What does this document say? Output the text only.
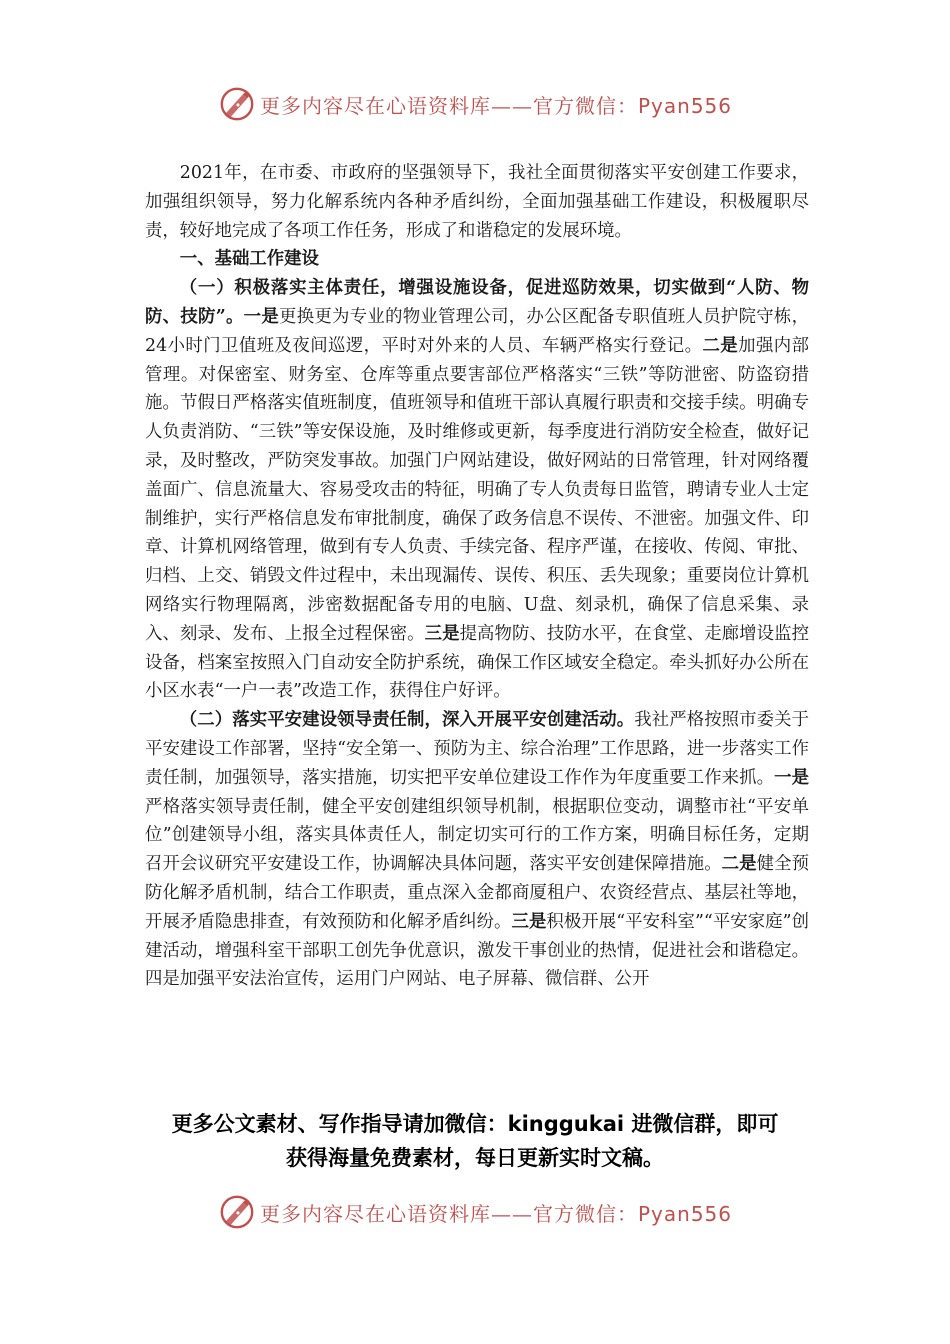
更多内容尽在心语资料库——官方微信：Pyan556

2021年，在市委、市政府的坚强领导下，我社全面贯彻落实平安创建工作要求，加强组织领导，努力化解系统内各种矛盾纠纷，全面加强基础工作建设，积极履职尽责，较好地完成了各项工作任务，形成了和谐稳定的发展环境。

一、基础工作建设

（一）积极落实主体责任，增强设施设备，促进巡防效果，切实做到“人防、物防、技防”。一是更换更为专业的物业管理公司，办公区配备专职值班人员护院守栋，24小时门卫值班及夜间巡逻，平时对外来的人员、车辆严格实行登记。二是加强内部管理。对保密室、财务室、仓库等重点要害部位严格落实“三铁”等防泄密、防盗窃措施。节假日严格落实值班制度，值班领导和值班干部认真履行职责和交接手续。明确专人负责消防、“三铁”等安保设施，及时维修或更新，每季度进行消防安全检查，做好记录，及时整改，严防突发事故。加强门户网站建设，做好网站的日常管理，针对网络覆盖面广、信息流量大、容易受攻击的特征，明确了专人负责每日监管，聘请专业人士定制维护，实行严格信息发布审批制度，确保了政务信息不误传、不泄密。加强文件、印章、计算机网络管理，做到有专人负责、手续完备、程序严谨，在接收、传阅、审批、归档、上交、销毁文件过程中，未出现漏传、误传、积压、丢失现象；重要岗位计算机网络实行物理隔离，涉密数据配备专用的电脑、U盘、刻录机，确保了信息采集、录入、刻录、发布、上报全过程保密。三是提高物防、技防水平，在食堂、走廊增设监控设备，档案室按照入门自动安全防护系统，确保工作区域安全稳定。牵头抓好办公所在小区水表“一户一表”改造工作，获得住户好评。

（二）落实平安建设领导责任制，深入开展平安创建活动。我社严格按照市委关于平安建设工作部署，坚持“安全第一、预防为主、综合治理”工作思路，进一步落实工作责任制，加强领导，落实措施，切实把平安单位建设工作作为年度重要工作来抓。一是严格落实领导责任制，健全平安创建组织领导机制，根据职位变动，调整市社“平安单位”创建领导小组，落实具体责任人，制定切实可行的工作方案，明确目标任务，定期召开会议研究平安建设工作，协调解决具体问题，落实平安创建保障措施。二是健全预防化解矛盾机制，结合工作职责，重点深入金都商厦租户、农资经营点、基层社等地，开展矛盾隐患排查，有效预防和化解矛盾纠纷。三是积极开展“平安科室”“平安家庭”创建活动，增强科室干部职工创先争优意识，激发干事创业的热情，促进社会和谐稳定。四是加强平安法治宣传，运用门户网站、电子屏幕、微信群、公开

更多公文素材、写作指导请加微信：kinggukai 进微信群，即可
获得海量免费素材，每日更新实时文稿。
更多内容尽在心语资料库——官方微信：Pyan556
